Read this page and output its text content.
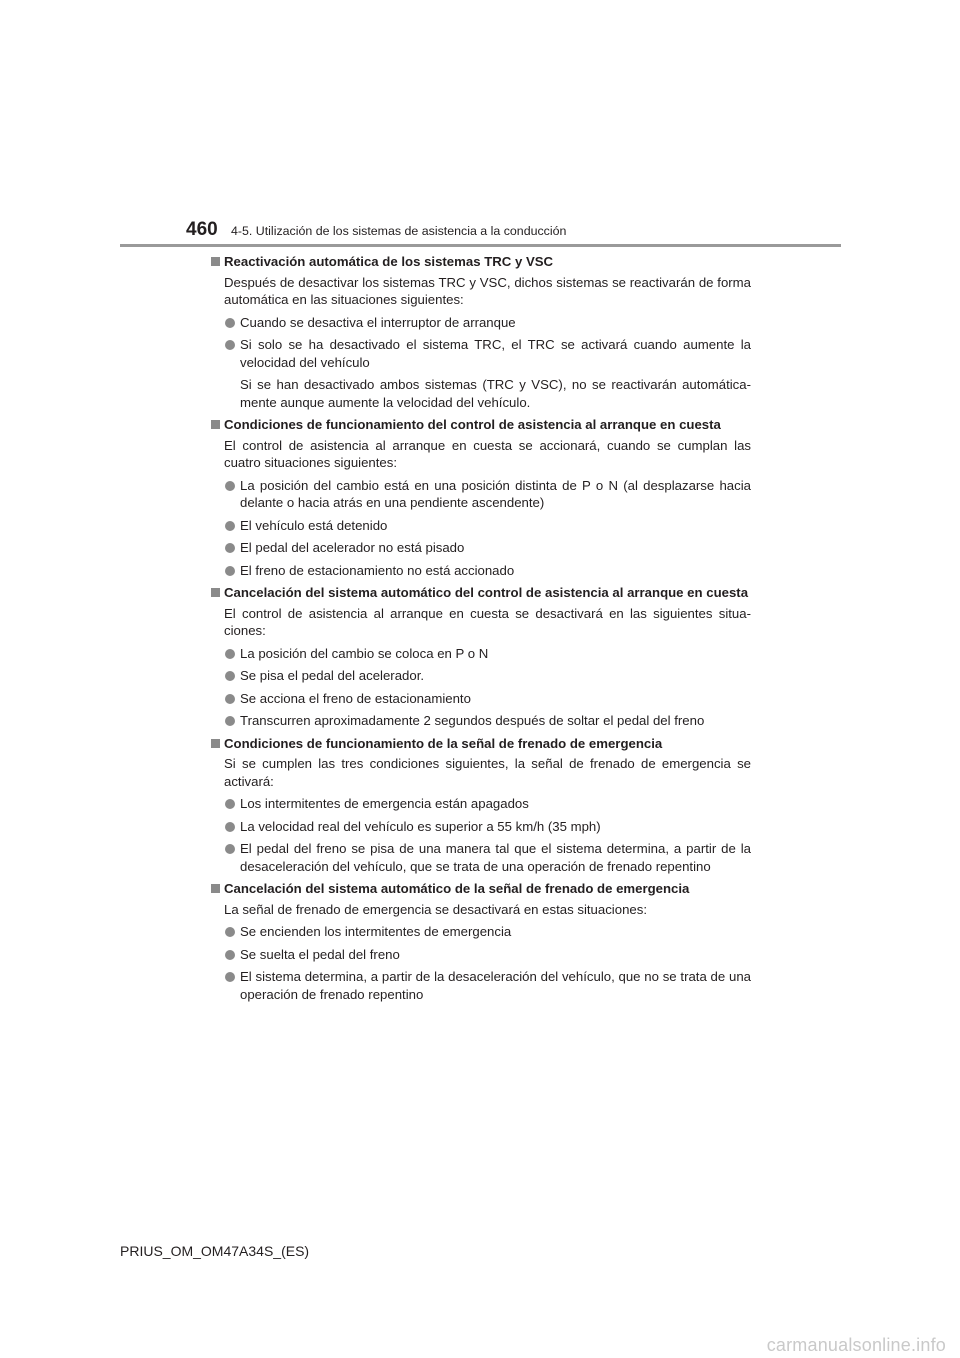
460 4-5. Utilización de los sistemas de asistencia a la conducción
Reactivación automática de los sistemas TRC y VSC
Después de desactivar los sistemas TRC y VSC, dichos sistemas se reactivarán de forma automática en las situaciones siguientes:
Cuando se desactiva el interruptor de arranque
Si solo se ha desactivado el sistema TRC, el TRC se activará cuando aumente la velocidad del vehículo
Si se han desactivado ambos sistemas (TRC y VSC), no se reactivarán automática-mente aunque aumente la velocidad del vehículo.
Condiciones de funcionamiento del control de asistencia al arranque en cuesta
El control de asistencia al arranque en cuesta se accionará, cuando se cumplan las cuatro situaciones siguientes:
La posición del cambio está en una posición distinta de P o N (al desplazarse hacia delante o hacia atrás en una pendiente ascendente)
El vehículo está detenido
El pedal del acelerador no está pisado
El freno de estacionamiento no está accionado
Cancelación del sistema automático del control de asistencia al arranque en cuesta
El control de asistencia al arranque en cuesta se desactivará en las siguientes situa-ciones:
La posición del cambio se coloca en P o N
Se pisa el pedal del acelerador.
Se acciona el freno de estacionamiento
Transcurren aproximadamente 2 segundos después de soltar el pedal del freno
Condiciones de funcionamiento de la señal de frenado de emergencia
Si se cumplen las tres condiciones siguientes, la señal de frenado de emergencia se activará:
Los intermitentes de emergencia están apagados
La velocidad real del vehículo es superior a 55 km/h (35 mph)
El pedal del freno se pisa de una manera tal que el sistema determina, a partir de la desaceleración del vehículo, que se trata de una operación de frenado repentino
Cancelación del sistema automático de la señal de frenado de emergencia
La señal de frenado de emergencia se desactivará en estas situaciones:
Se encienden los intermitentes de emergencia
Se suelta el pedal del freno
El sistema determina, a partir de la desaceleración del vehículo, que no se trata de una operación de frenado repentino
PRIUS_OM_OM47A34S_(ES)
carmanualsonline.info
